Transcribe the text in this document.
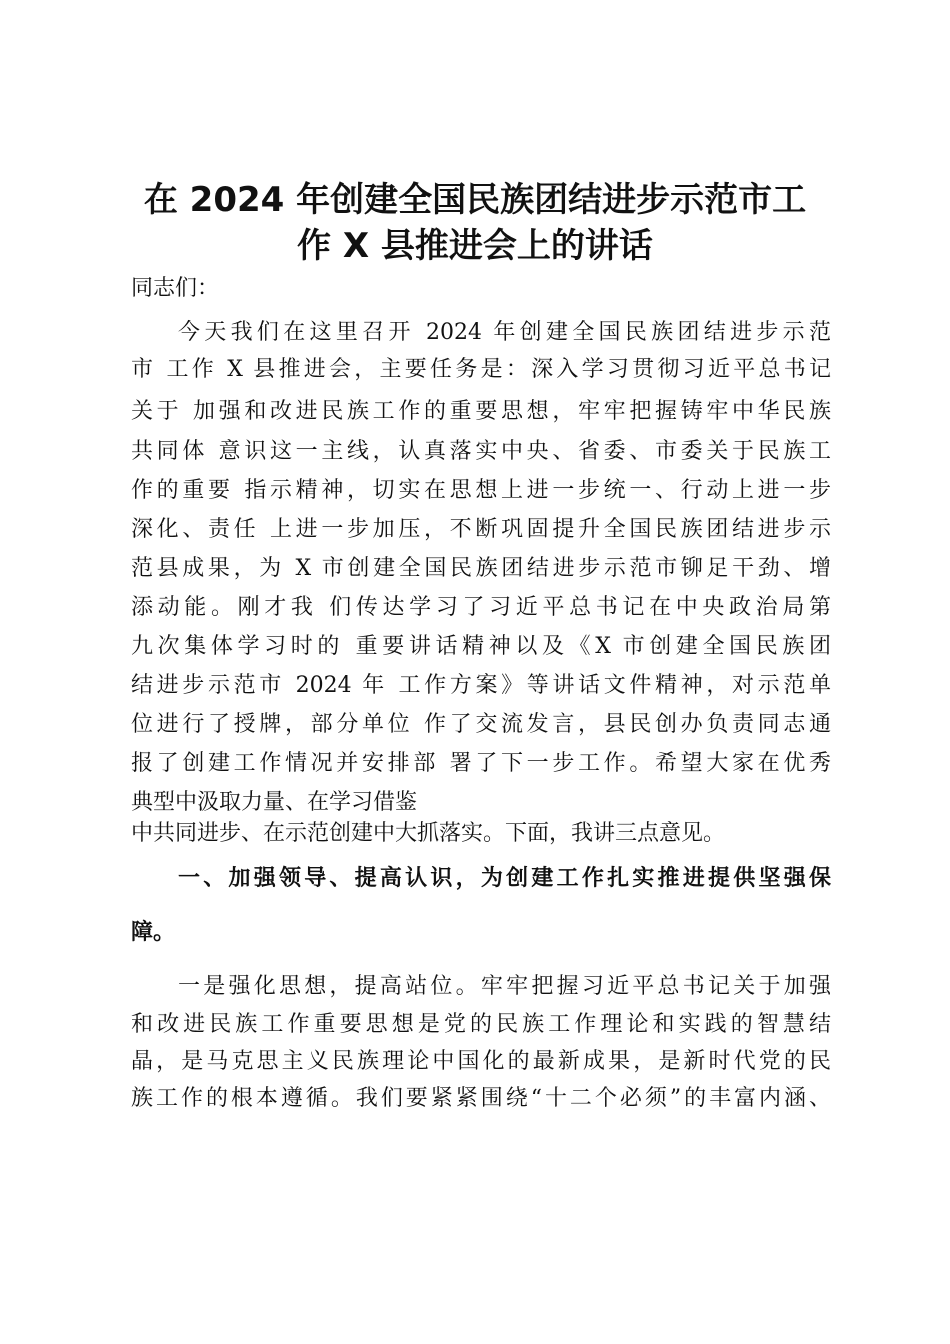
在 2024 年创建全国民族团结进步示范市工
作 X 县推进会上的讲话
同志们：
今天我们在这里召开 2024 年创建全国民族团结进步示范
市 工作 X 县推进会，主要任务是：深入学习贯彻习近平总书记
关于 加强和改进民族工作的重要思想，牢牢把握铸牢中华民族
共同体 意识这一主线，认真落实中央、省委、市委关于民族工
作的重要 指示精神，切实在思想上进一步统一、行动上进一步
深化、责任 上进一步加压，不断巩固提升全国民族团结进步示
范县成果，为 X 市创建全国民族团结进步示范市铆足干劲、增
添动能。刚才我 们传达学习了习近平总书记在中央政治局第
九次集体学习时的 重要讲话精神以及《X 市创建全国民族团
结进步示范市 2024 年 工作方案》等讲话文件精神，对示范单
位进行了授牌，部分单位 作了交流发言，县民创办负责同志通
报了创建工作情况并安排部 署了下一步工作。希望大家在优秀
典型中汲取力量、在学习借鉴
中共同进步、在示范创建中大抓落实。下面，我讲三点意见。
一、加强领导、提高认识，为创建工作扎实推进提供坚强保
障。
一是强化思想，提高站位。牢牢把握习近平总书记关于加强
和改进民族工作重要思想是党的民族工作理论和实践的智慧结
晶，是马克思主义民族理论中国化的最新成果，是新时代党的民
族工作的根本遵循。我们要紧紧围绕“十二个必须”的丰富内涵、
